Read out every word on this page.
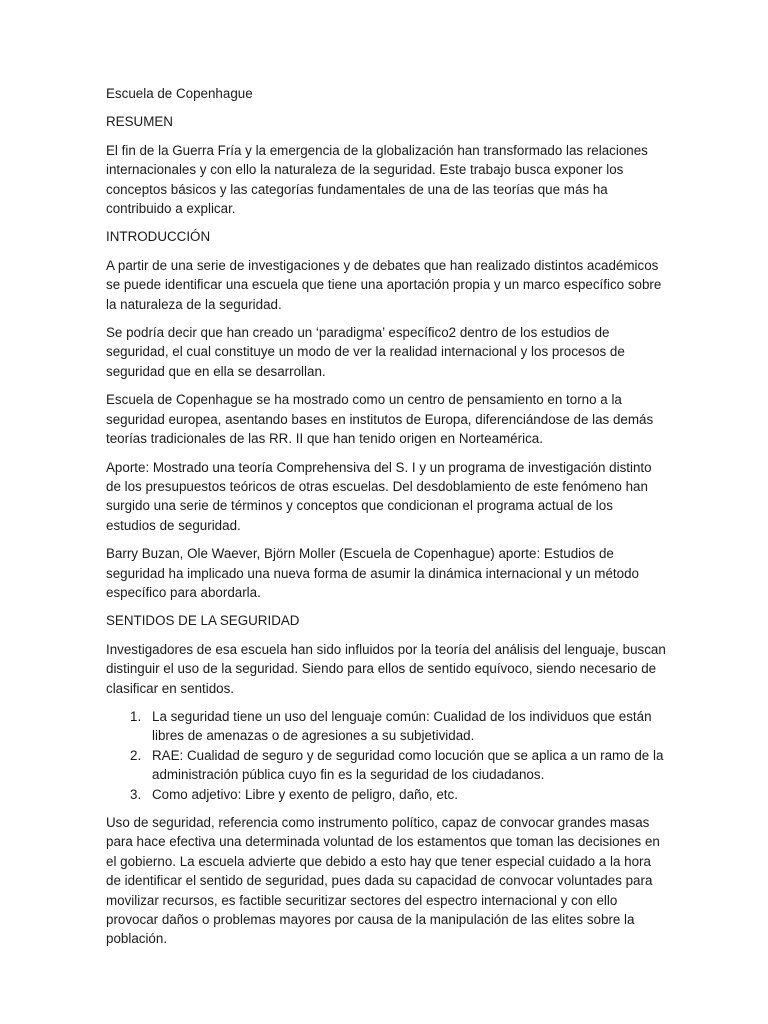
Escuela de Copenhague

RESUMEN

El fin de la Guerra Fría y la emergencia de la globalización han transformado las relaciones internacionales y con ello la naturaleza de la seguridad. Este trabajo busca exponer los conceptos básicos y las categorías fundamentales de una de las teorías que más ha contribuido a explicar.

INTRODUCCIÓN

A partir de una serie de investigaciones y de debates que han realizado distintos académicos se puede identificar una escuela que tiene una aportación propia y un marco específico sobre la naturaleza de la seguridad.

Se podría decir que han creado un ‘paradigma’ específico2 dentro de los estudios de seguridad, el cual constituye un modo de ver la realidad internacional y los procesos de seguridad que en ella se desarrollan.

Escuela de Copenhague se ha mostrado como un centro de pensamiento en torno a la seguridad europea, asentando bases en institutos de Europa, diferenciándose de las demás teorías tradicionales de las RR. II que han tenido origen en Norteamérica.

Aporte: Mostrado una teoría Comprehensiva del S. I y un programa de investigación distinto de los presupuestos teóricos de otras escuelas. Del desdoblamiento de este fenómeno han surgido una serie de términos y conceptos que condicionan el programa actual de los estudios de seguridad.

Barry Buzan, Ole Waever, Björn Moller (Escuela de Copenhague) aporte: Estudios de seguridad ha implicado una nueva forma de asumir la dinámica internacional y un método específico para abordarla.

SENTIDOS DE LA SEGURIDAD

Investigadores de esa escuela han sido influidos por la teoría del análisis del lenguaje, buscan distinguir el uso de la seguridad. Siendo para ellos de sentido equívoco, siendo necesario de clasificar en sentidos.

1. La seguridad tiene un uso del lenguaje común: Cualidad de los individuos que están libres de amenazas o de agresiones a su subjetividad.
2. RAE: Cualidad de seguro y de seguridad como locución que se aplica a un ramo de la administración pública cuyo fin es la seguridad de los ciudadanos.
3. Como adjetivo: Libre y exento de peligro, daño, etc.

Uso de seguridad, referencia como instrumento político, capaz de convocar grandes masas para hace efectiva una determinada voluntad de los estamentos que toman las decisiones en el gobierno. La escuela advierte que debido a esto hay que tener especial cuidado a la hora de identificar el sentido de seguridad, pues dada su capacidad de convocar voluntades para movilizar recursos, es factible securitizar sectores del espectro internacional y con ello provocar daños o problemas mayores por causa de la manipulación de las elites sobre la población.
